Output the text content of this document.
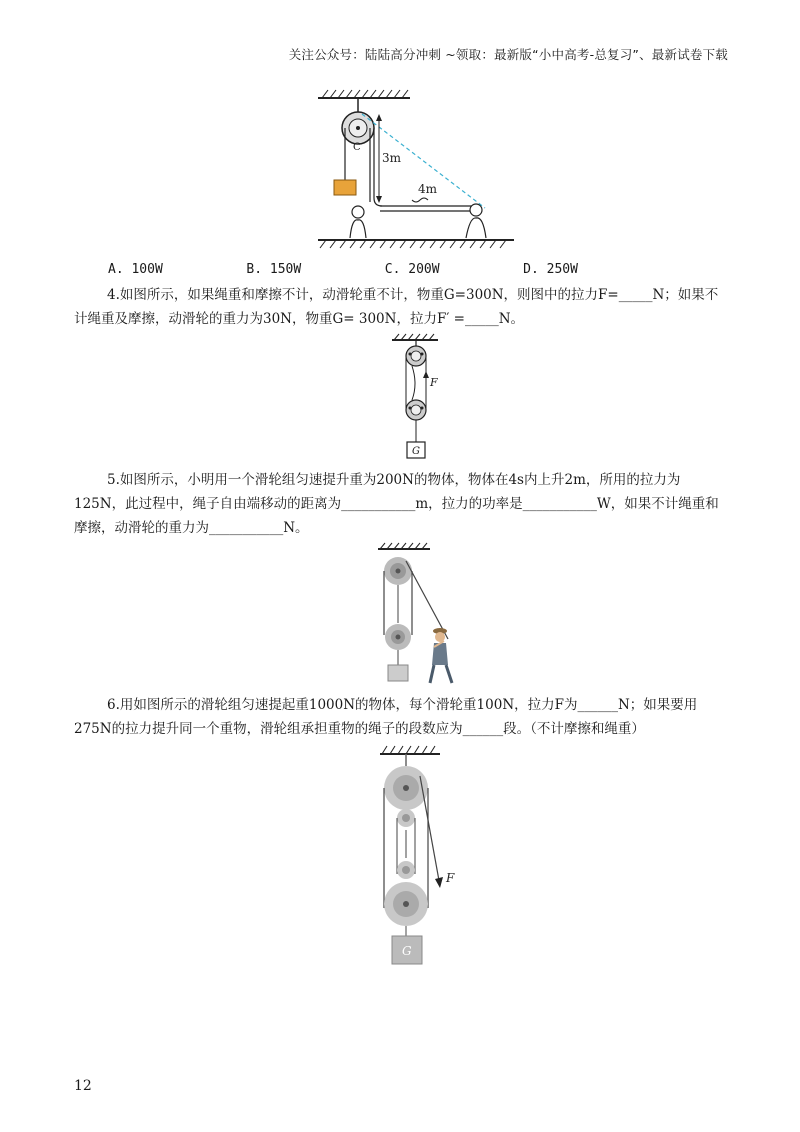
关注公众号：陆陆高分冲刺 ~领取：最新版“小中高考-总复习”、最新试卷下载
C
3m
4m
A. 100W	B. 150W	C. 200W	D. 250W
4.如图所示，如果绳重和摩擦不计，动滑轮重不计，物重G=300N，则图中的拉力F=_____N；如果不
计绳重及摩擦，动滑轮的重力为30N，物重G= 300N，拉力F′ =_____N。
F
G
5.如图所示，小明用一个滑轮组匀速提升重为200N的物体，物体在4s内上升2m，所用的拉力为
125N，此过程中，绳子自由端移动的距离为___________m，拉力的功率是___________W，如果不计绳重和
摩擦，动滑轮的重力为___________N。
6.用如图所示的滑轮组匀速提起重1000N的物体，每个滑轮重100N，拉力F为______N；如果要用
275N的拉力提升同一个重物，滑轮组承担重物的绳子的段数应为______段。（不计摩擦和绳重）
F
G
12
